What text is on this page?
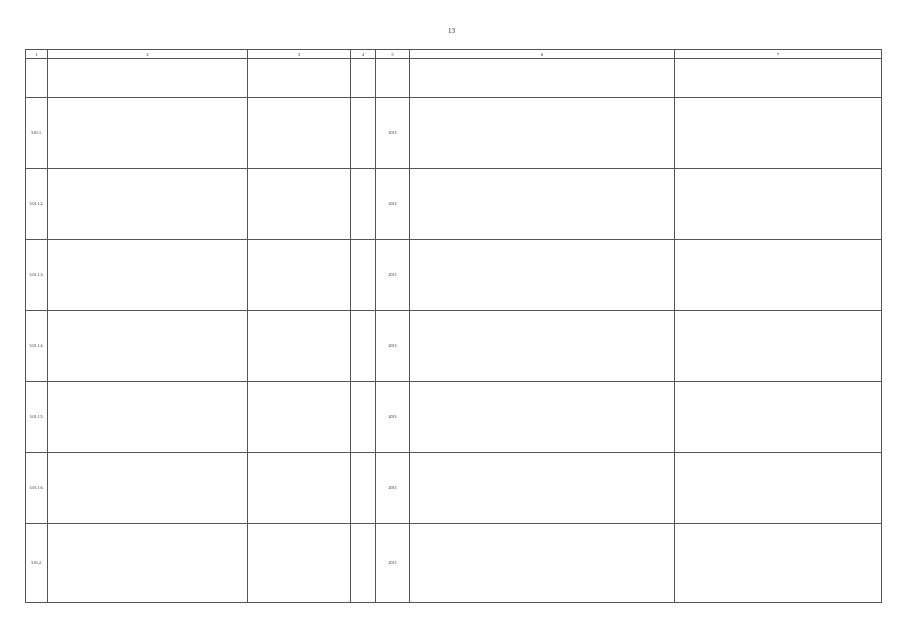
13
1	2	3	4	5	6	7

3.01.1.				2013		
3.01.1.2.				2013		
3.01.1.3.				2013		
3.01.1.4.				2013		
3.01.1.5.				2013		
3.01.1.6.				2013		
3.01.2.				2013		
